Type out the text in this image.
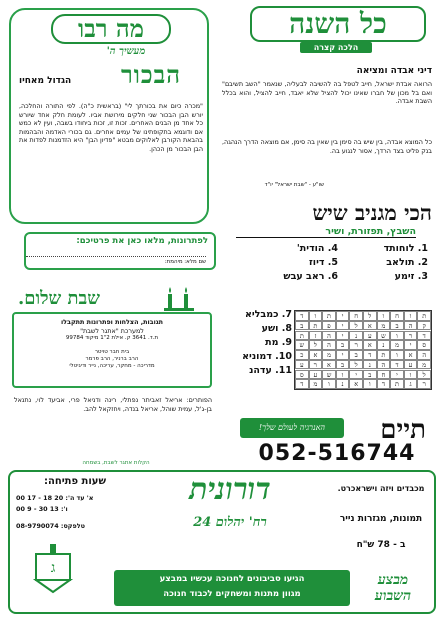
מה רבו
מעשיך ה'
הבכור
הגדול מאחיו
"מכרה כיום את בכורתך לי" (בראשית כ"ה). לפי התורה והחלכה, יורש הבן הבכור שני חלקים מירושת אביו. לעומת חלק אחד שיורש כל אחד מן הבנים האחרים. זכות זו, זכות ביחודו בשבה, ועין לא כמש אם ודוגמא בתקופתינו של עמים אחרים. גם בכורי האדמה והבהמות בהבאת הקורבן לאלוקים מבטא "פדיון הבן" היא הזדמנות לפדות את הבן הבכור מן הכהן.
כל השנה
הלכה קצרה
דיני אבדה ומציאה
הרואה אבדת ישראל, חייב לטפל בה להשיבה לבעליה, שנאמר "השב תשיבם" ואם בל מכון של חברו שאינו יכול להציל שלא יאבד, חייב להציל, והוא בכלל השבת אבדה.
כל המוצא אבדה, בין שיש בה סימן בין שאין בה סימן, אם מוצאה הדרך הנהגה, בנק פליט בצד הרדך, אסור לנגוע בה.
שו"ע - "שבת ישראל" יו"ד
לפתרונות, מלאו כאן את פרטיכם:
שם מלא: מיהמת:
שבת שלום.
תגובות, הצלחות ופתרונות תתקבלו
למערכת "אתגר לשבת"
ת.ד. 3641 ק. אילת 2"1 מיקוד 99784
בית חבר טויטר
הרב ברניר, הרב פרמר
מדריכה - מחקר, עריכה, נייר ודיגיטלי
הפותרים: אריאל זאביתר נפתלי, רינה ודניאל פרי, אביעד לוי, נתנאל בן-ג'ל, עמית שוהל, אריאל בנדה, ויחזקאל להב.
הכי מגניב שיש
השבץ, תפזורת, ושיר
1. לוחותד
2. תולאב
3. זימע
4. הודית'
5. דיוז
6. ראב עבש
7. כמבליא
8. ושע
9. מת
10. דמוניא
11. עדהנ
ת
ו
ח
ו
ל
ח
י
ת
ו
ד
ק
ה
ב
מ
א
ל
י
פ
ת
ב
ד
ר
ו
ש
ע
נ
י
ה
ז
ת
ס
י
מ
נ
א
ר
ב
ה
ל
ש
ה
א
ו
ת
ד
ב
י
מ
א
כ
מ
ע
ד
ה
נ
ל
ב
א
ר
ע
ל
ו
י
ח
ב
י
ו
ש
ע
ס
ר
ג
ת
ד
ו
א
נ
ו
מ
ד
תיים
האנרגיה לעולם שלך!
052-516744
הקלות אתגר לשבת, בשמחה
שעות פתיחה:
א' עד ה': 20 18 - 17 00
ו': 13 30 - 9 00
08-9790074 :טלפקס
ג
דורונית
רח' יהלום 24
מכבדים ויזה וישראכרט.
תמונות, מגזרות נייר
ב - 78 ש"ח
הגיעו סביבונים לחנוכה עכשיו במבצע
מגוון מתנות ומשחקים לכבוד חנוכה
מבצע השבוע
